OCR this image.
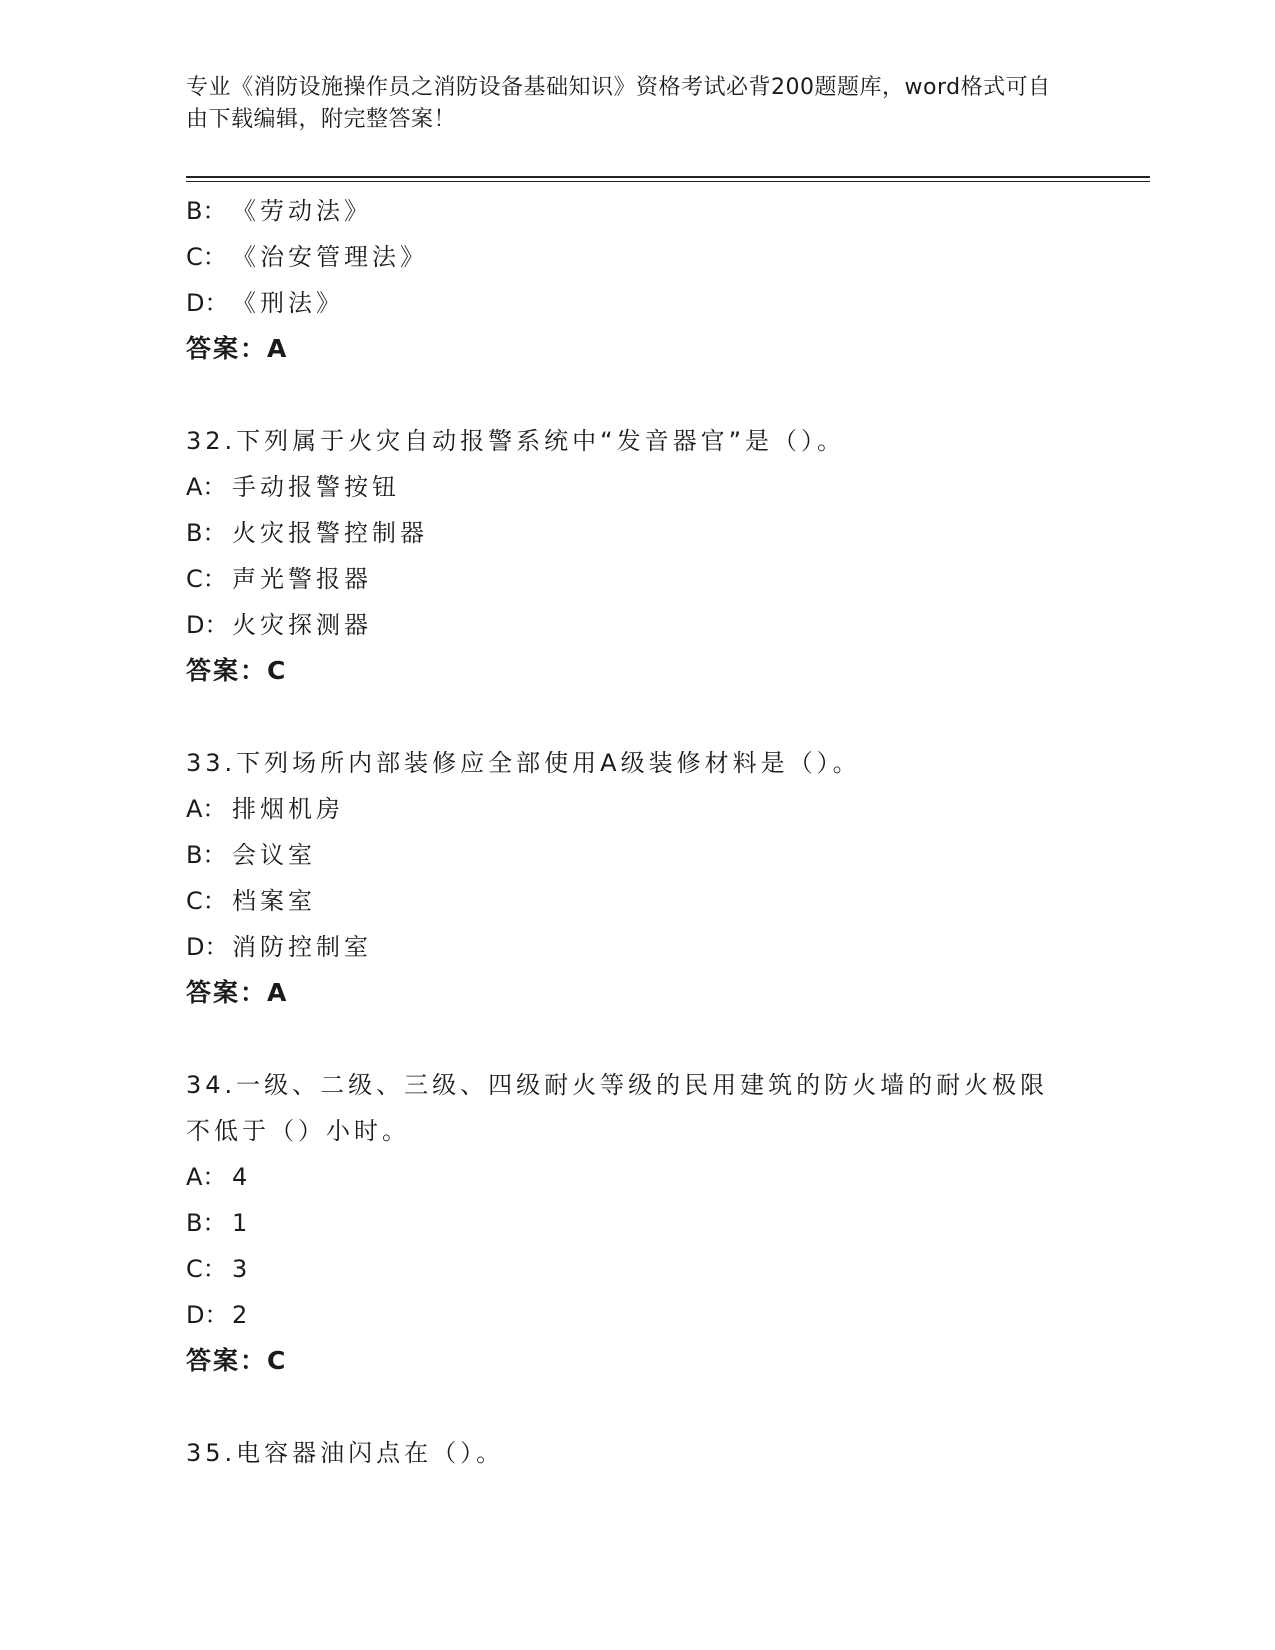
专业《消防设施操作员之消防设备基础知识》资格考试必背200题题库，word格式可自由下载编辑，附完整答案！
B： 《劳动法》
C： 《治安管理法》
D： 《刑法》
答案：A
32.下列属于火灾自动报警系统中“发音器官”是（）。
A： 手动报警按钮
B： 火灾报警控制器
C： 声光警报器
D： 火灾探测器
答案：C
33.下列场所内部装修应全部使用A级装修材料是（）。
A： 排烟机房
B： 会议室
C： 档案室
D： 消防控制室
答案：A
34.一级、二级、三级、四级耐火等级的民用建筑的防火墙的耐火极限不低于（）小时。
A： 4
B： 1
C： 3
D： 2
答案：C
35.电容器油闪点在（）。
